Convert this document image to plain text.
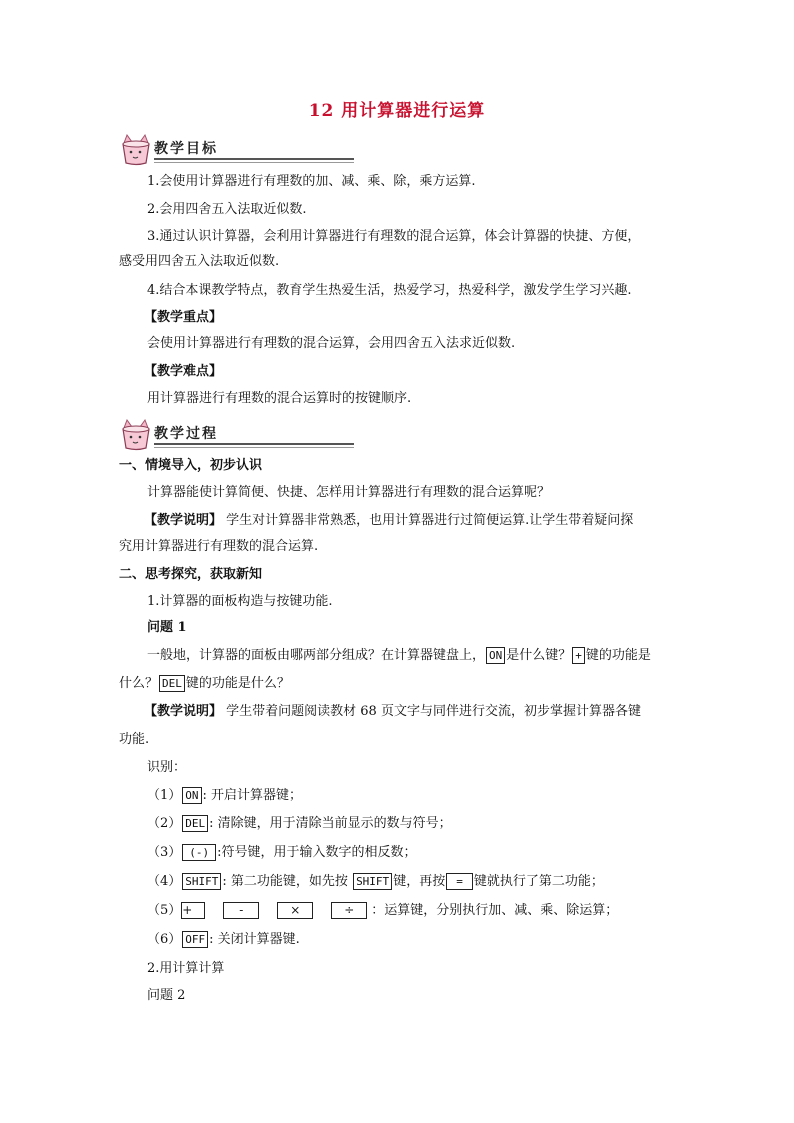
12 用计算器进行运算
教学目标
1.会使用计算器进行有理数的加、减、乘、除，乘方运算.
2.会用四舍五入法取近似数.
3.通过认识计算器，会利用计算器进行有理数的混合运算，体会计算器的快捷、方便，
感受用四舍五入法取近似数.
4.结合本课教学特点，教育学生热爱生活，热爱学习，热爱科学，激发学生学习兴趣.
【教学重点】
会使用计算器进行有理数的混合运算，会用四舍五入法求近似数.
【教学难点】
用计算器进行有理数的混合运算时的按键顺序.
教学过程
一、情境导入，初步认识
计算器能使计算简便、快捷、怎样用计算器进行有理数的混合运算呢？
【教学说明】 学生对计算器非常熟悉，也用计算器进行过简便运算.让学生带着疑问探
究用计算器进行有理数的混合运算.
二、思考探究，获取新知
1.计算器的面板构造与按键功能.
问题 1
一般地，计算器的面板由哪两部分组成？在计算器键盘上， ON 是什么键？ + 键的功能是
什么？ DEL 键的功能是什么？
【教学说明】 学生带着问题阅读教材 68 页文字与同伴进行交流，初步掌握计算器各键
功能.
识别：
（1） ON : 开启计算器键；
（2） DEL : 清除键，用于清除当前显示的数与符号；
（3） (-) :符号键，用于输入数字的相反数；
（4） SHIFT : 第二功能键，如先按 SHIFT 键，再按 = 键就执行了第二功能；
（5）+	-	×	÷ ：运算键，分别执行加、减、乘、除运算；
（6） OFF : 关闭计算器键.
2.用计算计算
问题 2
